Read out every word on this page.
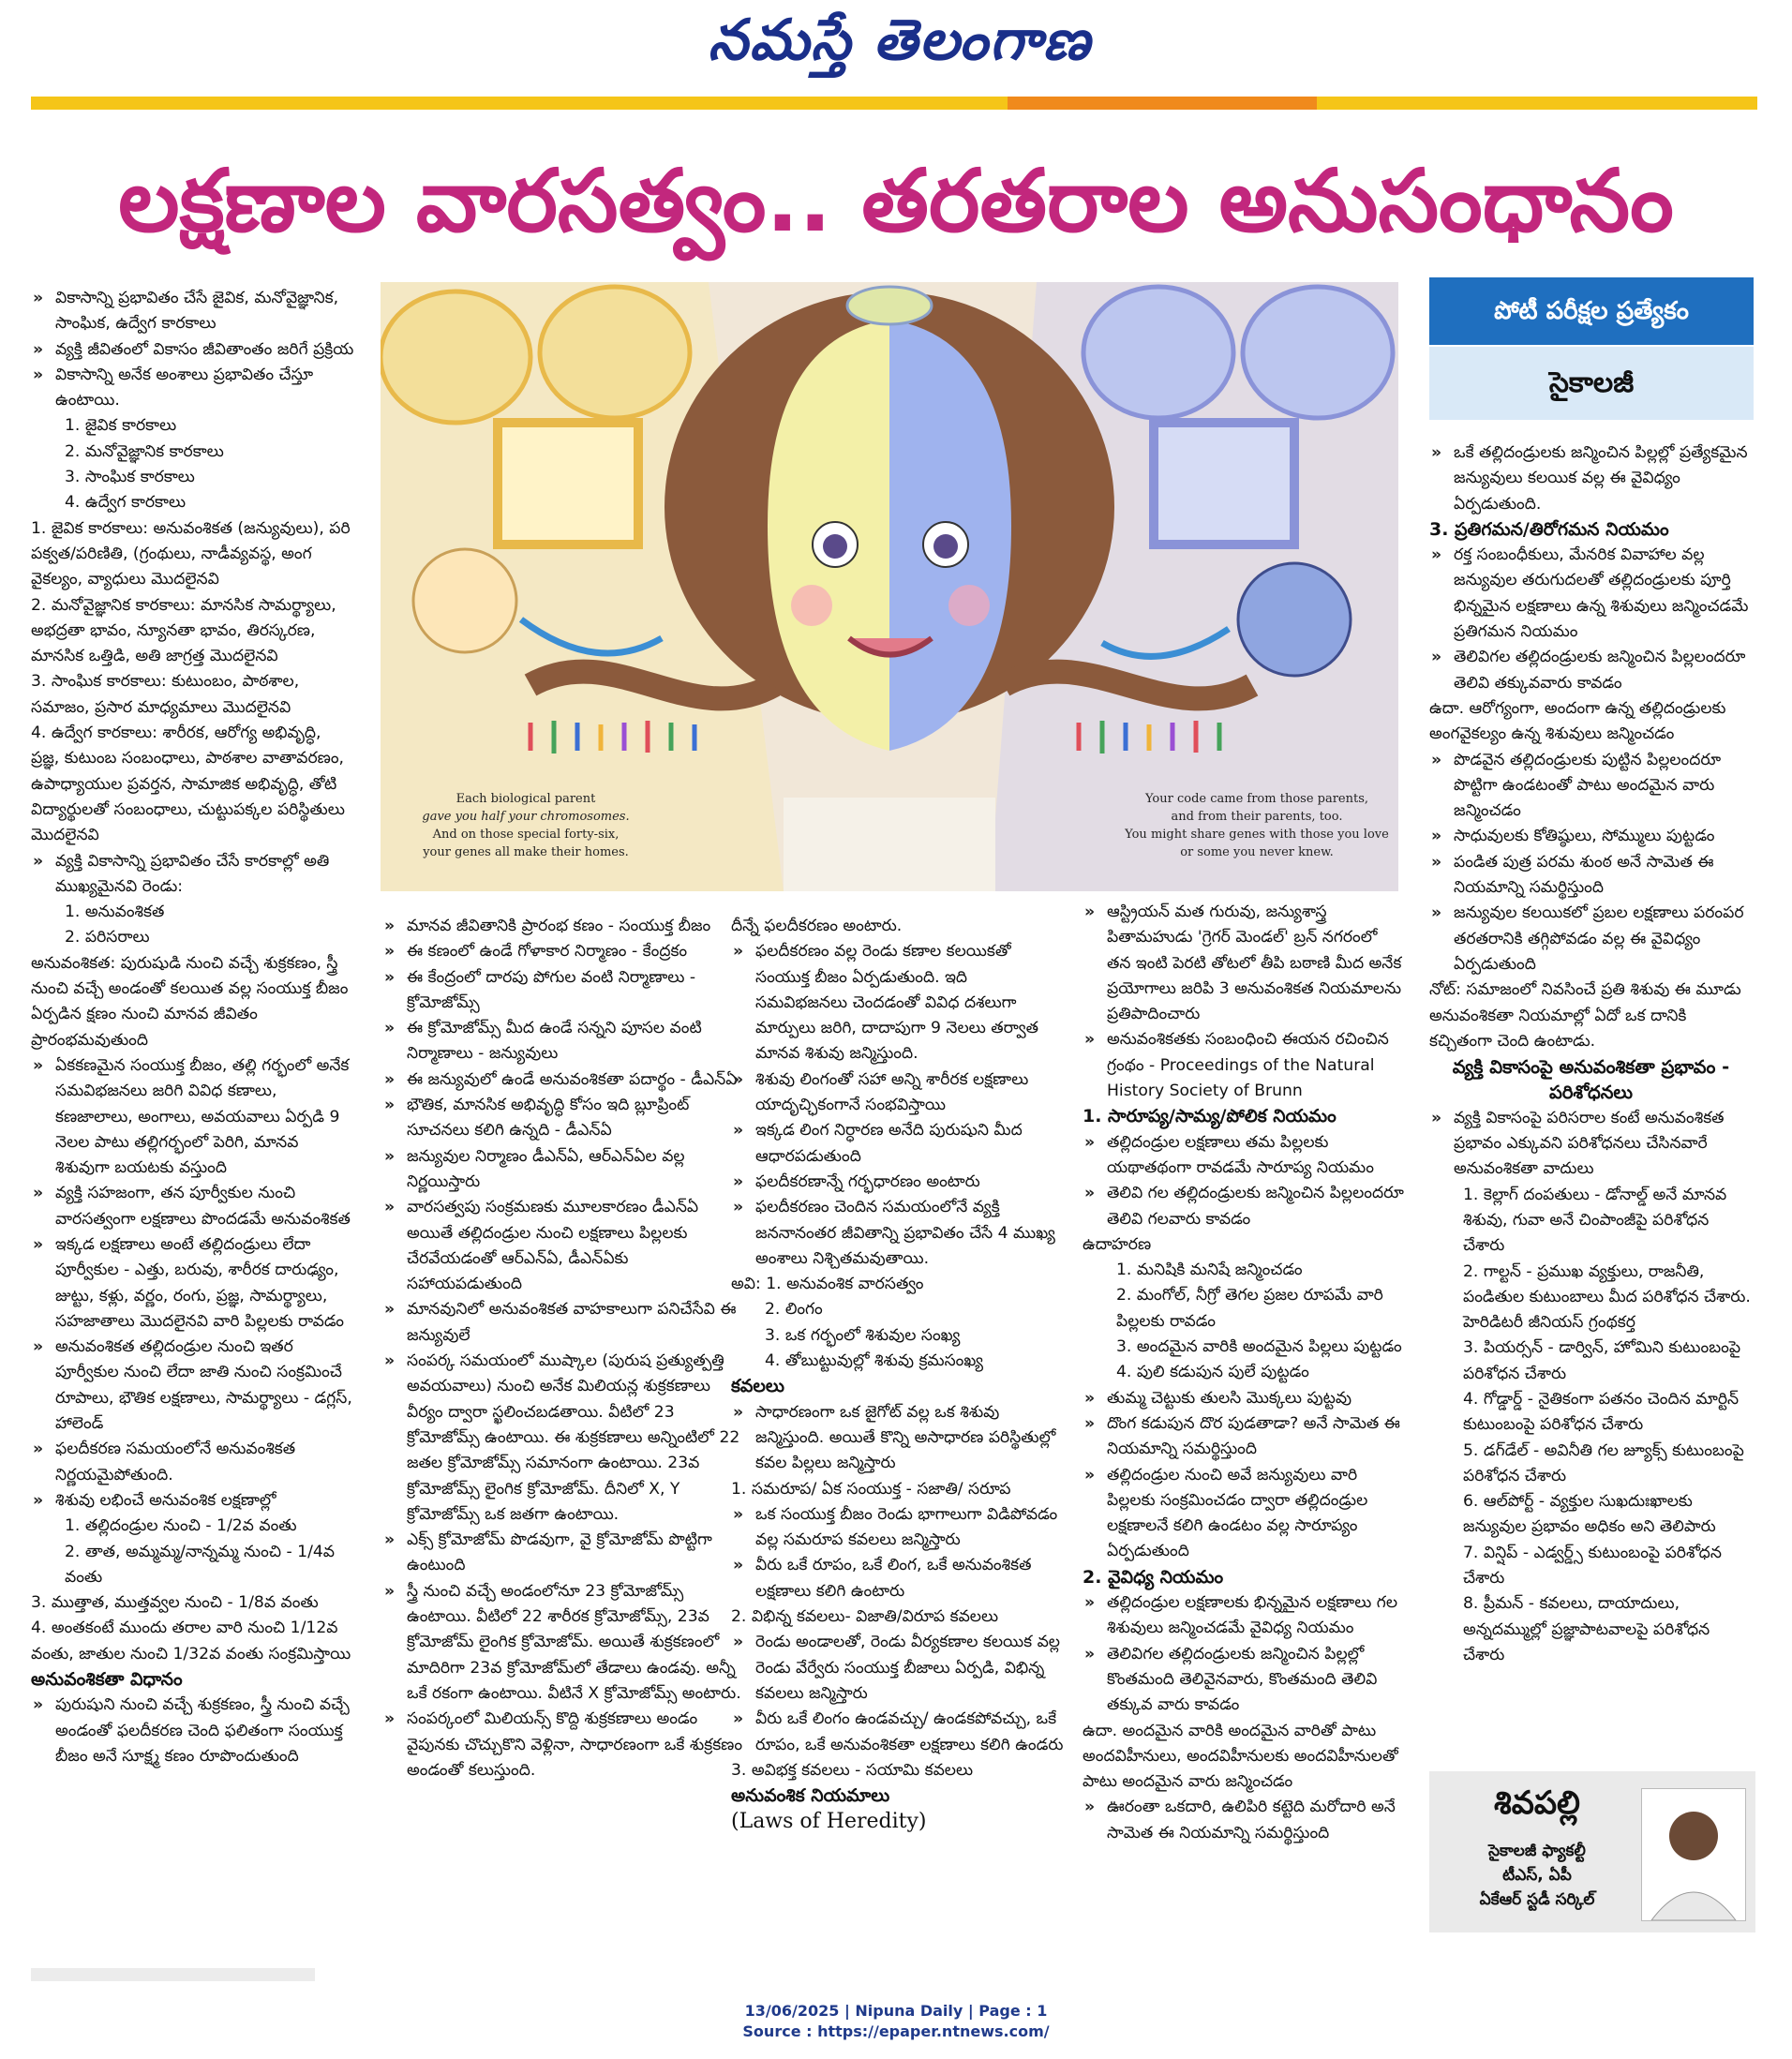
నమస్తే తెలంగాణ
లక్షణాల వారసత్వం.. తరతరాల అనుసంధానం

» వికాసాన్ని ప్రభావితం చేసే జైవిక, మనోవైజ్ఞానిక, సాంఘిక, ఉద్వేగ కారకాలు

» వ్యక్తి జీవితంలో వికాసం జీవితాంతం జరిగే ప్రక్రియ

» వికాసాన్ని అనేక అంశాలు ప్రభావితం చేస్తూ ఉంటాయి.

1. జైవిక కారకాలు

2. మనోవైజ్ఞానిక కారకాలు

3. సాంఘిక కారకాలు

4. ఉద్వేగ కారకాలు

1. జైవిక కారకాలు: అనువంశికత (జన్యువులు), పరి పక్వత/పరిణితి, (గ్రంథులు, నాడీవ్యవస్థ, అంగ వైకల్యం, వ్యాధులు మొదలైనవి

2. మనోవైజ్ఞానిక కారకాలు: మానసిక సామర్థ్యాలు, అభద్రతా భావం, న్యూనతా భావం, తిరస్కరణ, మానసిక ఒత్తిడి, అతి జాగ్రత్త మొదలైనవి

3. సాంఘిక కారకాలు: కుటుంబం, పాఠశాల, సమాజం, ప్రసార మాధ్యమాలు మొదలైనవి

4. ఉద్వేగ కారకాలు: శారీరక, ఆరోగ్య అభివృద్ధి, ప్రజ్ఞ, కుటుంబ సంబంధాలు, పాఠశాల వాతావరణం, ఉపాధ్యాయుల ప్రవర్తన, సామాజిక అభివృద్ధి, తోటి విద్యార్థులతో సంబంధాలు, చుట్టుపక్కల పరిస్థితులు మొదలైనవి

» వ్యక్తి వికాసాన్ని ప్రభావితం చేసే కారకాల్లో అతి ముఖ్యమైనవి రెండు:

1. అనువంశికత

2. పరిసరాలు

అనువంశికత: పురుషుడి నుంచి వచ్చే శుక్రకణం, స్త్రీ నుంచి వచ్చే అండంతో కలయిత వల్ల సంయుక్త బీజం ఏర్పడిన క్షణం నుంచి మానవ జీవితం ప్రారంభమవుతుంది

» ఏకకణమైన సంయుక్త బీజం, తల్లి గర్భంలో అనేక సమవిభజనలు జరిగి వివిధ కణాలు, కణజాలాలు, అంగాలు, అవయవాలు ఏర్పడి 9 నెలల పాటు తల్లిగర్భంలో పెరిగి, మానవ శిశువుగా బయటకు వస్తుంది

» వ్యక్తి సహజంగా, తన పూర్వీకుల నుంచి వారసత్వంగా లక్షణాలు పొందడమే అనువంశికత

» ఇక్కడ లక్షణాలు అంటే తల్లిదండ్రులు లేదా పూర్వీకుల - ఎత్తు, బరువు, శారీరక దారుఢ్యం, జుట్టు, కళ్లు, వర్ణం, రంగు, ప్రజ్ఞ, సామర్థ్యాలు, సహజాతాలు మొదలైనవి వారి పిల్లలకు రావడం

» అనువంశికత తల్లిదండ్రుల నుంచి ఇతర పూర్వీకుల నుంచి లేదా జాతి నుంచి సంక్రమించే రూపాలు, భౌతిక లక్షణాలు, సామర్థ్యాలు - డగ్లస్, హాలెండ్

» ఫలదీకరణ సమయంలోనే అనువంశికత నిర్ణయమైపోతుంది.

» శిశువు లభించే అనువంశిక లక్షణాల్లో

1. తల్లిదండ్రుల నుంచి - 1/2వ వంతు

2. తాత, అమ్మమ్మ/నాన్నమ్మ నుంచి - 1/4వ వంతు

3. ముత్తాత, ముత్తవ్వల నుంచి - 1/8వ వంతు

4. అంతకంటే ముందు తరాల వారి నుంచి 1/12వ వంతు, జాతుల నుంచి 1/32వ వంతు సంక్రమిస్తాయి

అనువంశికతా విధానం

» పురుషుని నుంచి వచ్చే శుక్రకణం, స్త్రీ నుంచి వచ్చే అండంతో ఫలదీకరణ చెంది ఫలితంగా సంయుక్త బీజం అనే సూక్ష్మ కణం రూపొందుతుంది

Each biological parent
gave you half your chromosomes.
And on those special forty-six,
your genes all make their homes.
Your code came from those parents,
and from their parents, too.
You might share genes with those you love
or some you never knew.
పోటీ పరీక్షల ప్రత్యేకం
సైకాలజీ

» మానవ జీవితానికి ప్రారంభ కణం - సంయుక్త బీజం

» ఈ కణంలో ఉండే గోళాకార నిర్మాణం - కేంద్రకం

» ఈ కేంద్రంలో దారపు పోగుల వంటి నిర్మాణాలు - క్రోమోజోమ్స్

» ఈ క్రోమోజోమ్స్ మీద ఉండే సన్నని పూసల వంటి నిర్మాణాలు - జన్యువులు

» ఈ జన్యువులో ఉండే అనువంశికతా పదార్థం - డీఎన్ఏ

» భౌతిక, మానసిక అభివృద్ధి కోసం ఇది బ్లూప్రింట్ సూచనలు కలిగి ఉన్నది - డీఎన్ఏ

» జన్యువుల నిర్మాణం డీఎన్ఏ, ఆర్ఎన్ఏల వల్ల నిర్ణయిస్తారు

» వారసత్వపు సంక్రమణకు మూలకారణం డీఎన్ఏ అయితే తల్లిదండ్రుల నుంచి లక్షణాలు పిల్లలకు చేరవేయడంతో ఆర్ఎన్ఏ, డీఎన్ఏకు సహాయపడుతుంది

» మానవునిలో అనువంశికత వాహకాలుగా పనిచేసేవి ఈ జన్యువులే

» సంపర్క సమయంలో ముష్కాల (పురుష ప్రత్యుత్పత్తి అవయవాలు) నుంచి అనేక మిలియన్ల శుక్రకణాలు వీర్యం ద్వారా స్ఖలించబడతాయి. వీటిలో 23 క్రోమోజోమ్స్ ఉంటాయి. ఈ శుక్రకణాలు అన్నింటిలో 22 జతల క్రోమోజోమ్స్ సమానంగా ఉంటాయి. 23వ క్రోమోజోమ్స్ లైంగిక క్రోమోజోమ్. దీనిలో X, Y క్రోమోజోమ్స్ ఒక జతగా ఉంటాయి.

» ఎక్స్ క్రోమోజోమ్ పొడవుగా, వై క్రోమోజోమ్ పొట్టిగా ఉంటుంది

» స్త్రీ నుంచి వచ్చే అండంలోనూ 23 క్రోమోజోమ్స్ ఉంటాయి. వీటిలో 22 శారీరక క్రోమోజోమ్స్, 23వ క్రోమోజోమ్ లైంగిక క్రోమోజోమ్. అయితే శుక్రకణంలో మాదిరిగా 23వ క్రోమోజోమ్‌లో తేడాలు ఉండవు. అన్నీ ఒకే రకంగా ఉంటాయి. వీటినే X క్రోమోజోమ్స్ అంటారు.

» సంపర్కంలో మిలియన్స్ కొద్ది శుక్రకణాలు అండం వైపునకు చొచ్చుకొని వెళ్లినా, సాధారణంగా ఒకే శుక్రకణం అండంతో కలుస్తుంది.

దీన్నే ఫలదీకరణం అంటారు.

» ఫలదీకరణం వల్ల రెండు కణాల కలయికతో సంయుక్త బీజం ఏర్పడుతుంది. ఇది సమవిభజనలు చెందడంతో వివిధ దశలుగా మార్పులు జరిగి, దాదాపుగా 9 నెలలు తర్వాత మానవ శిశువు జన్మిస్తుంది.

» శిశువు లింగంతో సహా అన్ని శారీరక లక్షణాలు యాదృచ్ఛికంగానే సంభవిస్తాయి

» ఇక్కడ లింగ నిర్ధారణ అనేది పురుషుని మీద ఆధారపడుతుంది

» ఫలదీకరణాన్నే గర్భధారణం అంటారు

» ఫలదీకరణం చెందిన సమయంలోనే వ్యక్తి జననానంతర జీవితాన్ని ప్రభావితం చేసే 4 ముఖ్య అంశాలు నిశ్చితమవుతాయి.

అవి: 1. అనువంశిక వారసత్వం

2. లింగం

3. ఒక గర్భంలో శిశువుల సంఖ్య

4. తోబుట్టువుల్లో శిశువు క్రమసంఖ్య

కవలలు

» సాధారణంగా ఒక జైగోట్ వల్ల ఒక శిశువు జన్మిస్తుంది. అయితే కొన్ని అసాధారణ పరిస్థితుల్లో కవల పిల్లలు జన్మిస్తారు

1. సమరూప/ ఏక సంయుక్త - సజాతి/ సరూప

» ఒక సంయుక్త బీజం రెండు భాగాలుగా విడిపోవడం వల్ల సమరూప కవలలు జన్మిస్తారు

» వీరు ఒకే రూపం, ఒకే లింగ, ఒకే అనువంశికత లక్షణాలు కలిగి ఉంటారు

2. విభిన్న కవలలు- విజాతి/విరూప కవలలు

» రెండు అండాలతో, రెండు వీర్యకణాల కలయిక వల్ల రెండు వేర్వేరు సంయుక్త బీజాలు ఏర్పడి, విభిన్న కవలలు జన్మిస్తారు

» వీరు ఒకే లింగం ఉండవచ్చు/ ఉండకపోవచ్చు, ఒకే రూపం, ఒకే అనువంశికతా లక్షణాలు కలిగి ఉండరు

3. అవిభక్త కవలలు - సయామి కవలలు

అనువంశిక నియమాలు

(Laws of Heredity)

» ఆస్ట్రియన్ మత గురువు, జన్యుశాస్త్ర పితామహుడు 'గ్రెగర్ మెండల్' బ్రన్ నగరంలో తన ఇంటి పెరటి తోటలో తీపి బఠాణి మీద అనేక ప్రయోగాలు జరిపి 3 అనువంశికత నియమాలను ప్రతిపాదించారు

» అనువంశికతకు సంబంధించి ఈయన రచించిన గ్రంథం - Proceedings of the Natural History Society of Brunn

1. సారూప్య/సామ్య/పోలిక నియమం

» తల్లిదండ్రుల లక్షణాలు తమ పిల్లలకు యథాతథంగా రావడమే సారూప్య నియమం

» తెలివి గల తల్లిదండ్రులకు జన్మించిన పిల్లలందరూ తెలివి గలవారు కావడం

ఉదాహరణ

1. మనిషికి మనిషే జన్మించడం

2. మంగోల్, నీగ్రో తెగల ప్రజల రూపమే వారి పిల్లలకు రావడం

3. అందమైన వారికి అందమైన పిల్లలు పుట్టడం

4. పులి కడుపున పులే పుట్టడం

» తుమ్మ చెట్టుకు తులసి మొక్కలు పుట్టవు

» దొంగ కడుపున దొర పుడతాడా? అనే సామెత ఈ నియమాన్ని సమర్థిస్తుంది

» తల్లిదండ్రుల నుంచి అవే జన్యువులు వారి పిల్లలకు సంక్రమించడం ద్వారా తల్లిదండ్రుల లక్షణాలనే కలిగి ఉండటం వల్ల సారూప్యం ఏర్పడుతుంది

2. వైవిధ్య నియమం

» తల్లిదండ్రుల లక్షణాలకు భిన్నమైన లక్షణాలు గల శిశువులు జన్మించడమే వైవిధ్య నియమం

» తెలివిగల తల్లిదండ్రులకు జన్మించిన పిల్లల్లో కొంతమంది తెలివైనవారు, కొంతమంది తెలివి తక్కువ వారు కావడం

ఉదా. అందమైన వారికి అందమైన వారితో పాటు అందవిహీనులు, అందవిహీనులకు అందవిహీనులతో పాటు అందమైన వారు జన్మించడం

» ఊరంతా ఒకదారి, ఉలిపిరి కట్టెది మరోదారి అనే సామెత ఈ నియమాన్ని సమర్థిస్తుంది

» ఒకే తల్లిదండ్రులకు జన్మించిన పిల్లల్లో ప్రత్యేకమైన జన్యువులు కలయిక వల్ల ఈ వైవిధ్యం ఏర్పడుతుంది.

3. ప్రతిగమన/తిరోగమన నియమం

» రక్త సంబంధీకులు, మేనరిక వివాహాల వల్ల జన్యువుల తరుగుదలతో తల్లిదండ్రులకు పూర్తి భిన్నమైన లక్షణాలు ఉన్న శిశువులు జన్మించడమే ప్రతిగమన నియమం

» తెలివిగల తల్లిదండ్రులకు జన్మించిన పిల్లలందరూ తెలివి తక్కువవారు కావడం

ఉదా. ఆరోగ్యంగా, అందంగా ఉన్న తల్లిదండ్రులకు అంగవైకల్యం ఉన్న శిశువులు జన్మించడం

» పొడవైన తల్లిదండ్రులకు పుట్టిన పిల్లలందరూ పొట్టిగా ఉండటంతో పాటు అందమైన వారు జన్మించడం

» సాధువులకు కోతిష్ఠులు, సోమ్ములు పుట్టడం

» పండిత పుత్ర పరమ శుంఠ అనే సామెత ఈ నియమాన్ని సమర్థిస్తుంది

» జన్యువుల కలయికలో ప్రబల లక్షణాలు పరంపర తరతరానికి తగ్గిపోవడం వల్ల ఈ వైవిధ్యం ఏర్పడుతుంది

నోట్: సమాజంలో నివసించే ప్రతి శిశువు ఈ మూడు అనువంశికతా నియమాల్లో ఏదో ఒక దానికి కచ్చితంగా చెంది ఉంటాడు.

వ్యక్తి వికాసంపై అనువంశికతా ప్రభావం - పరిశోధనలు

» వ్యక్తి వికాసంపై పరిసరాల కంటే అనువంశికత ప్రభావం ఎక్కువని పరిశోధనలు చేసినవారే అనువంశికతా వాదులు

1. కెల్లాగ్ దంపతులు - డోనాల్డ్ అనే మానవ శిశువు, గువా అనే చింపాంజీపై పరిశోధన చేశారు

2. గాల్టన్ - ప్రముఖ వ్యక్తులు, రాజనీతి, పండితుల కుటుంబాలు మీద పరిశోధన చేశారు. హెరిడిటరీ జీనియస్ గ్రంథకర్త

3. పియర్సన్ - డార్విన్, హోమిని కుటుంబంపై పరిశోధన చేశారు

4. గోడ్డార్డ్ - నైతికంగా పతనం చెందిన మార్టిన్ కుటుంబంపై పరిశోధన చేశారు

5. డగ్‌డేల్ - అవినీతి గల జ్యూక్స్ కుటుంబంపై పరిశోధన చేశారు

6. ఆల్‌పోర్ట్ - వ్యక్తుల సుఖదుఃఖాలకు జన్యువుల ప్రభావం అధికం అని తెలిపారు

7. విన్షిప్ - ఎడ్వర్డ్స్ కుటుంబంపై పరిశోధన చేశారు

8. ప్రీమన్ - కవలలు, దాయాదులు, అన్నదమ్ముల్లో ప్రజ్ఞాపాటవాలపై పరిశోధన చేశారు

శివపల్లి
సైకాలజీ ఫ్యాకల్టీ
టీఎస్, ఏపీ
ఏకేఆర్ స్టడీ సర్కిల్
13/06/2025 | Nipuna Daily | Page : 1
Source : https://epaper.ntnews.com/
